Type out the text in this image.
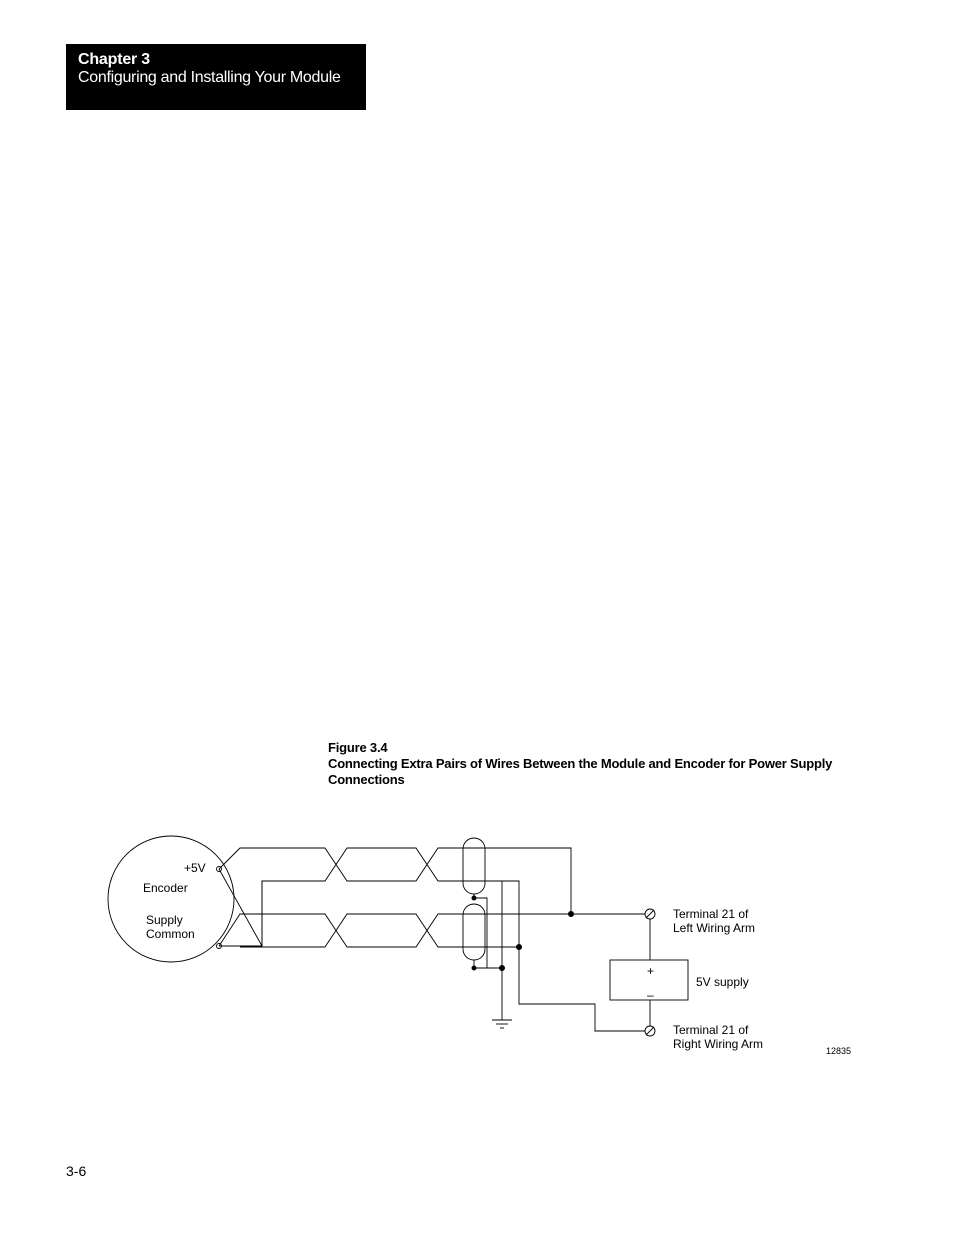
Chapter 3
Configuring and Installing Your Module
Figure 3.4
Connecting Extra Pairs of Wires Between the Module and Encoder for Power Supply Connections
+5V
Encoder
Supply
Common
Terminal 21 of
Left Wiring Arm
+
–
5V supply
Terminal 21 of
Right Wiring Arm	12835
3-6
